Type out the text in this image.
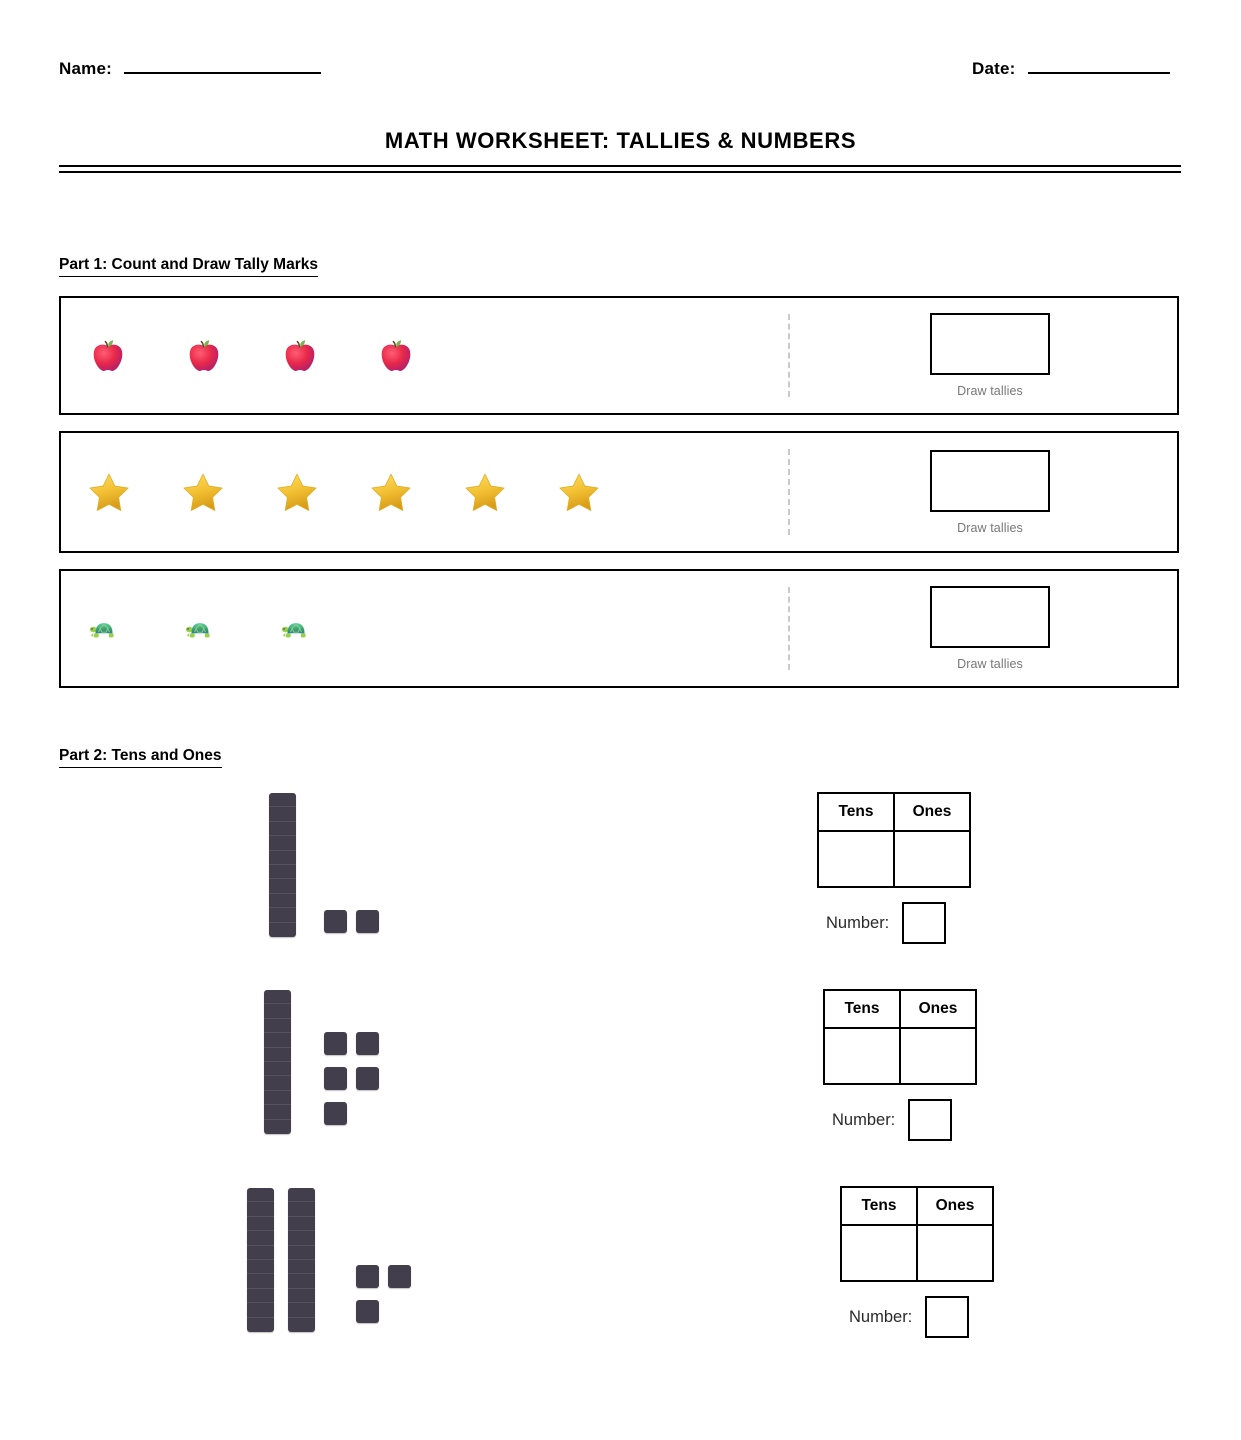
Name:	Date:
MATH WORKSHEET: TALLIES & NUMBERS
Part 1: Count and Draw Tally Marks
Draw tallies
Draw tallies
Draw tallies
Part 2: Tens and Ones
Tens	Ones

Number:
Tens	Ones

Number:
Tens	Ones

Number:
